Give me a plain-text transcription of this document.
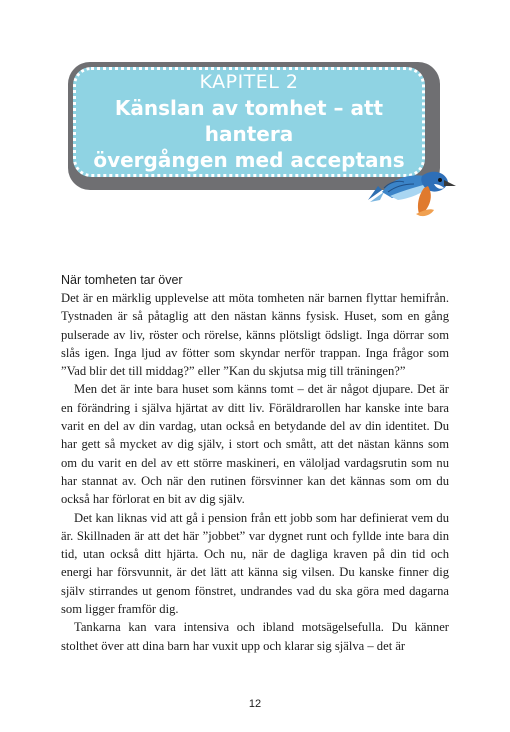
KAPITEL 2
Känslan av tomhet – att hantera
övergången med acceptans

När tomheten tar över

Det är en märklig upplevelse att möta tomheten när barnen flyttar hemifrån. Tystnaden är så påtaglig att den nästan känns fysisk. Huset, som en gång pulserade av liv, röster och rörelse, känns plötsligt ödsligt. Inga dörrar som slås igen. Inga ljud av fötter som skyndar nerför trappan. Inga frågor som ”Vad blir det till middag?” eller ”Kan du skjutsa mig till träningen?”

Men det är inte bara huset som känns tomt – det är något djupare. Det är en förändring i själva hjärtat av ditt liv. Föräldrarollen har kanske inte bara varit en del av din vardag, utan också en betydande del av din identitet. Du har gett så mycket av dig själv, i stort och smått, att det nästan känns som om du varit en del av ett större maskineri, en väloljad vardagsrutin som nu har stannat av. Och när den rutinen försvinner kan det kännas som om du också har förlorat en bit av dig själv.

Det kan liknas vid att gå i pension från ett jobb som har definierat vem du är. Skillnaden är att det här ”jobbet” var dygnet runt och fyllde inte bara din tid, utan också ditt hjärta. Och nu, när de dagliga kraven på din tid och energi har försvunnit, är det lätt att känna sig vilsen. Du kanske finner dig själv stirrandes ut genom fönstret, undrandes vad du ska göra med dagarna som ligger framför dig.

Tankarna kan vara intensiva och ibland motsägelsefulla. Du känner stolthet över att dina barn har vuxit upp och klarar sig själva – det är

12
